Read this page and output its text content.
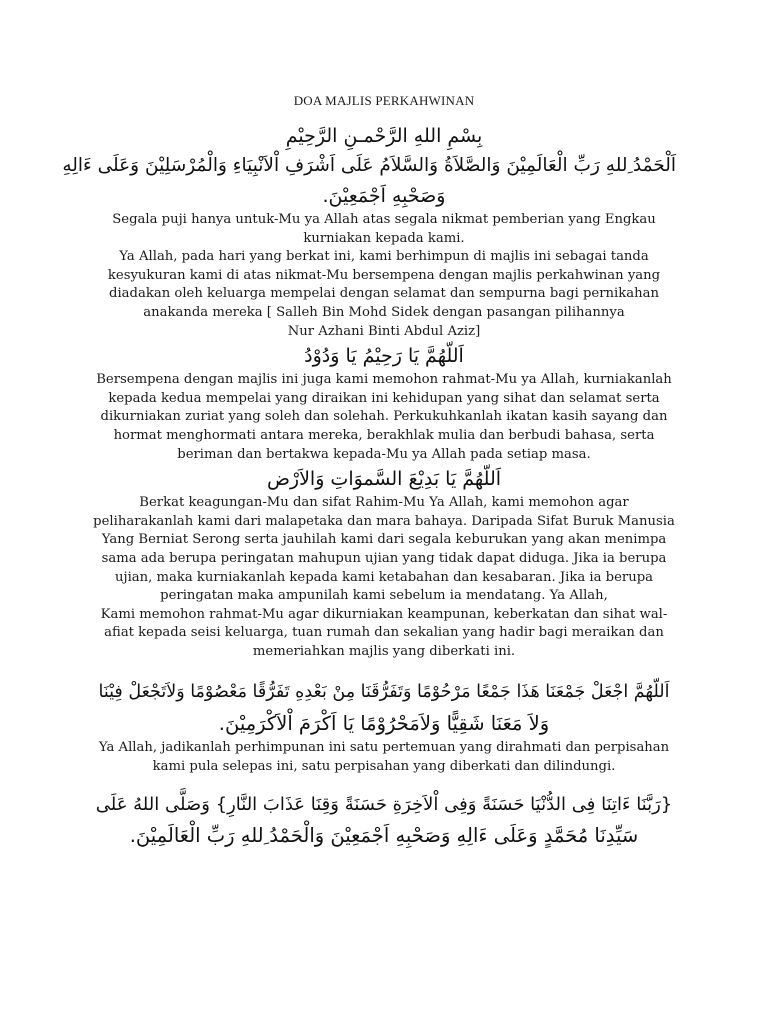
DOA MAJLIS PERKAHWINAN
بِسْمِ اللهِ الرَّحْمـنِ الرَّحِيْمِ
اَلْحَمْدُ ِللهِ رَبِّ الْعَالَمِيْنَ وَالصَّلاَةُ وَالسَّلاَمُ عَلَى اَشْرَفِ اْلاَنْبِيَاءِ وَالْمُرْسَلِيْنَ وَعَلَى ءَالِهِ
وَصَحْبِهِ اَجْمَعِيْنَ.
Segala puji hanya untuk-Mu ya Allah atas segala nikmat pemberian yang Engkau
kurniakan kepada kami.
Ya Allah, pada hari yang berkat ini, kami berhimpun di majlis ini sebagai tanda
kesyukuran kami di atas nikmat-Mu bersempena dengan majlis perkahwinan yang
diadakan oleh keluarga mempelai dengan selamat dan sempurna bagi pernikahan
anakanda mereka [ Salleh Bin Mohd Sidek dengan pasangan pilihannya
Nur Azhani Binti Abdul Aziz]
اَللّهُمَّ يَا رَحِيْمُ يَا وَدُوْدُ
Bersempena dengan majlis ini juga kami memohon rahmat-Mu ya Allah, kurniakanlah
kepada kedua mempelai yang diraikan ini kehidupan yang sihat dan selamat serta
dikurniakan zuriat yang soleh dan solehah. Perkukuhkanlah ikatan kasih sayang dan
hormat menghormati antara mereka, berakhlak mulia dan berbudi bahasa, serta
beriman dan bertakwa kepada-Mu ya Allah pada setiap masa.
اَللّهُمَّ يَا بَدِيْعَ السَّموَاتِ وَالاَرْض
Berkat keagungan-Mu dan sifat Rahim-Mu Ya Allah, kami memohon agar
peliharakanlah kami dari malapetaka dan mara bahaya. Daripada Sifat Buruk Manusia
Yang Berniat Serong serta jauhilah kami dari segala keburukan yang akan menimpa
sama ada berupa peringatan mahupun ujian yang tidak dapat diduga. Jika ia berupa
ujian, maka kurniakanlah kepada kami ketabahan dan kesabaran. Jika ia berupa
peringatan maka ampunilah kami sebelum ia mendatang. Ya Allah,
Kami memohon rahmat-Mu agar dikurniakan keampunan, keberkatan dan sihat wal-
afiat kepada seisi keluarga, tuan rumah dan sekalian yang hadir bagi meraikan dan
memeriahkan majlis yang diberkati ini.
اَللّهُمَّ اجْعَلْ جَمْعَنَا هَذَا جَمْعًا مَرْحُوْمًا وَتَفَرُّقَنَا مِنْ بَعْدِهِ تَفَرُّقًا مَعْصُوْمًا وَلاَتَجْعَلْ فِيْنَا
وَلاَ مَعَنَا شَقِيًّا وَلاَمَحْرُوْمًا يَا اَكْرَمَ اْلاَكْرَمِيْنَ.
Ya Allah, jadikanlah perhimpunan ini satu pertemuan yang dirahmati dan perpisahan
kami pula selepas ini, satu perpisahan yang diberkati dan dilindungi.
{رَبَّنَا ءَاتِنَا فِى الدُّنْيَا حَسَنَةً وَفِى اْلاَخِرَةِ حَسَنَةً وَقِنَا عَذَابَ النَّارِ} وَصَلَّى اللهُ عَلَى
سَيِّدِنَا مُحَمَّدٍ وَعَلَى ءَالِهِ وَصَحْبِهِ اَجْمَعِيْنَ وَالْحَمْدُ ِللهِ رَبِّ الْعَالَمِيْنَ.
